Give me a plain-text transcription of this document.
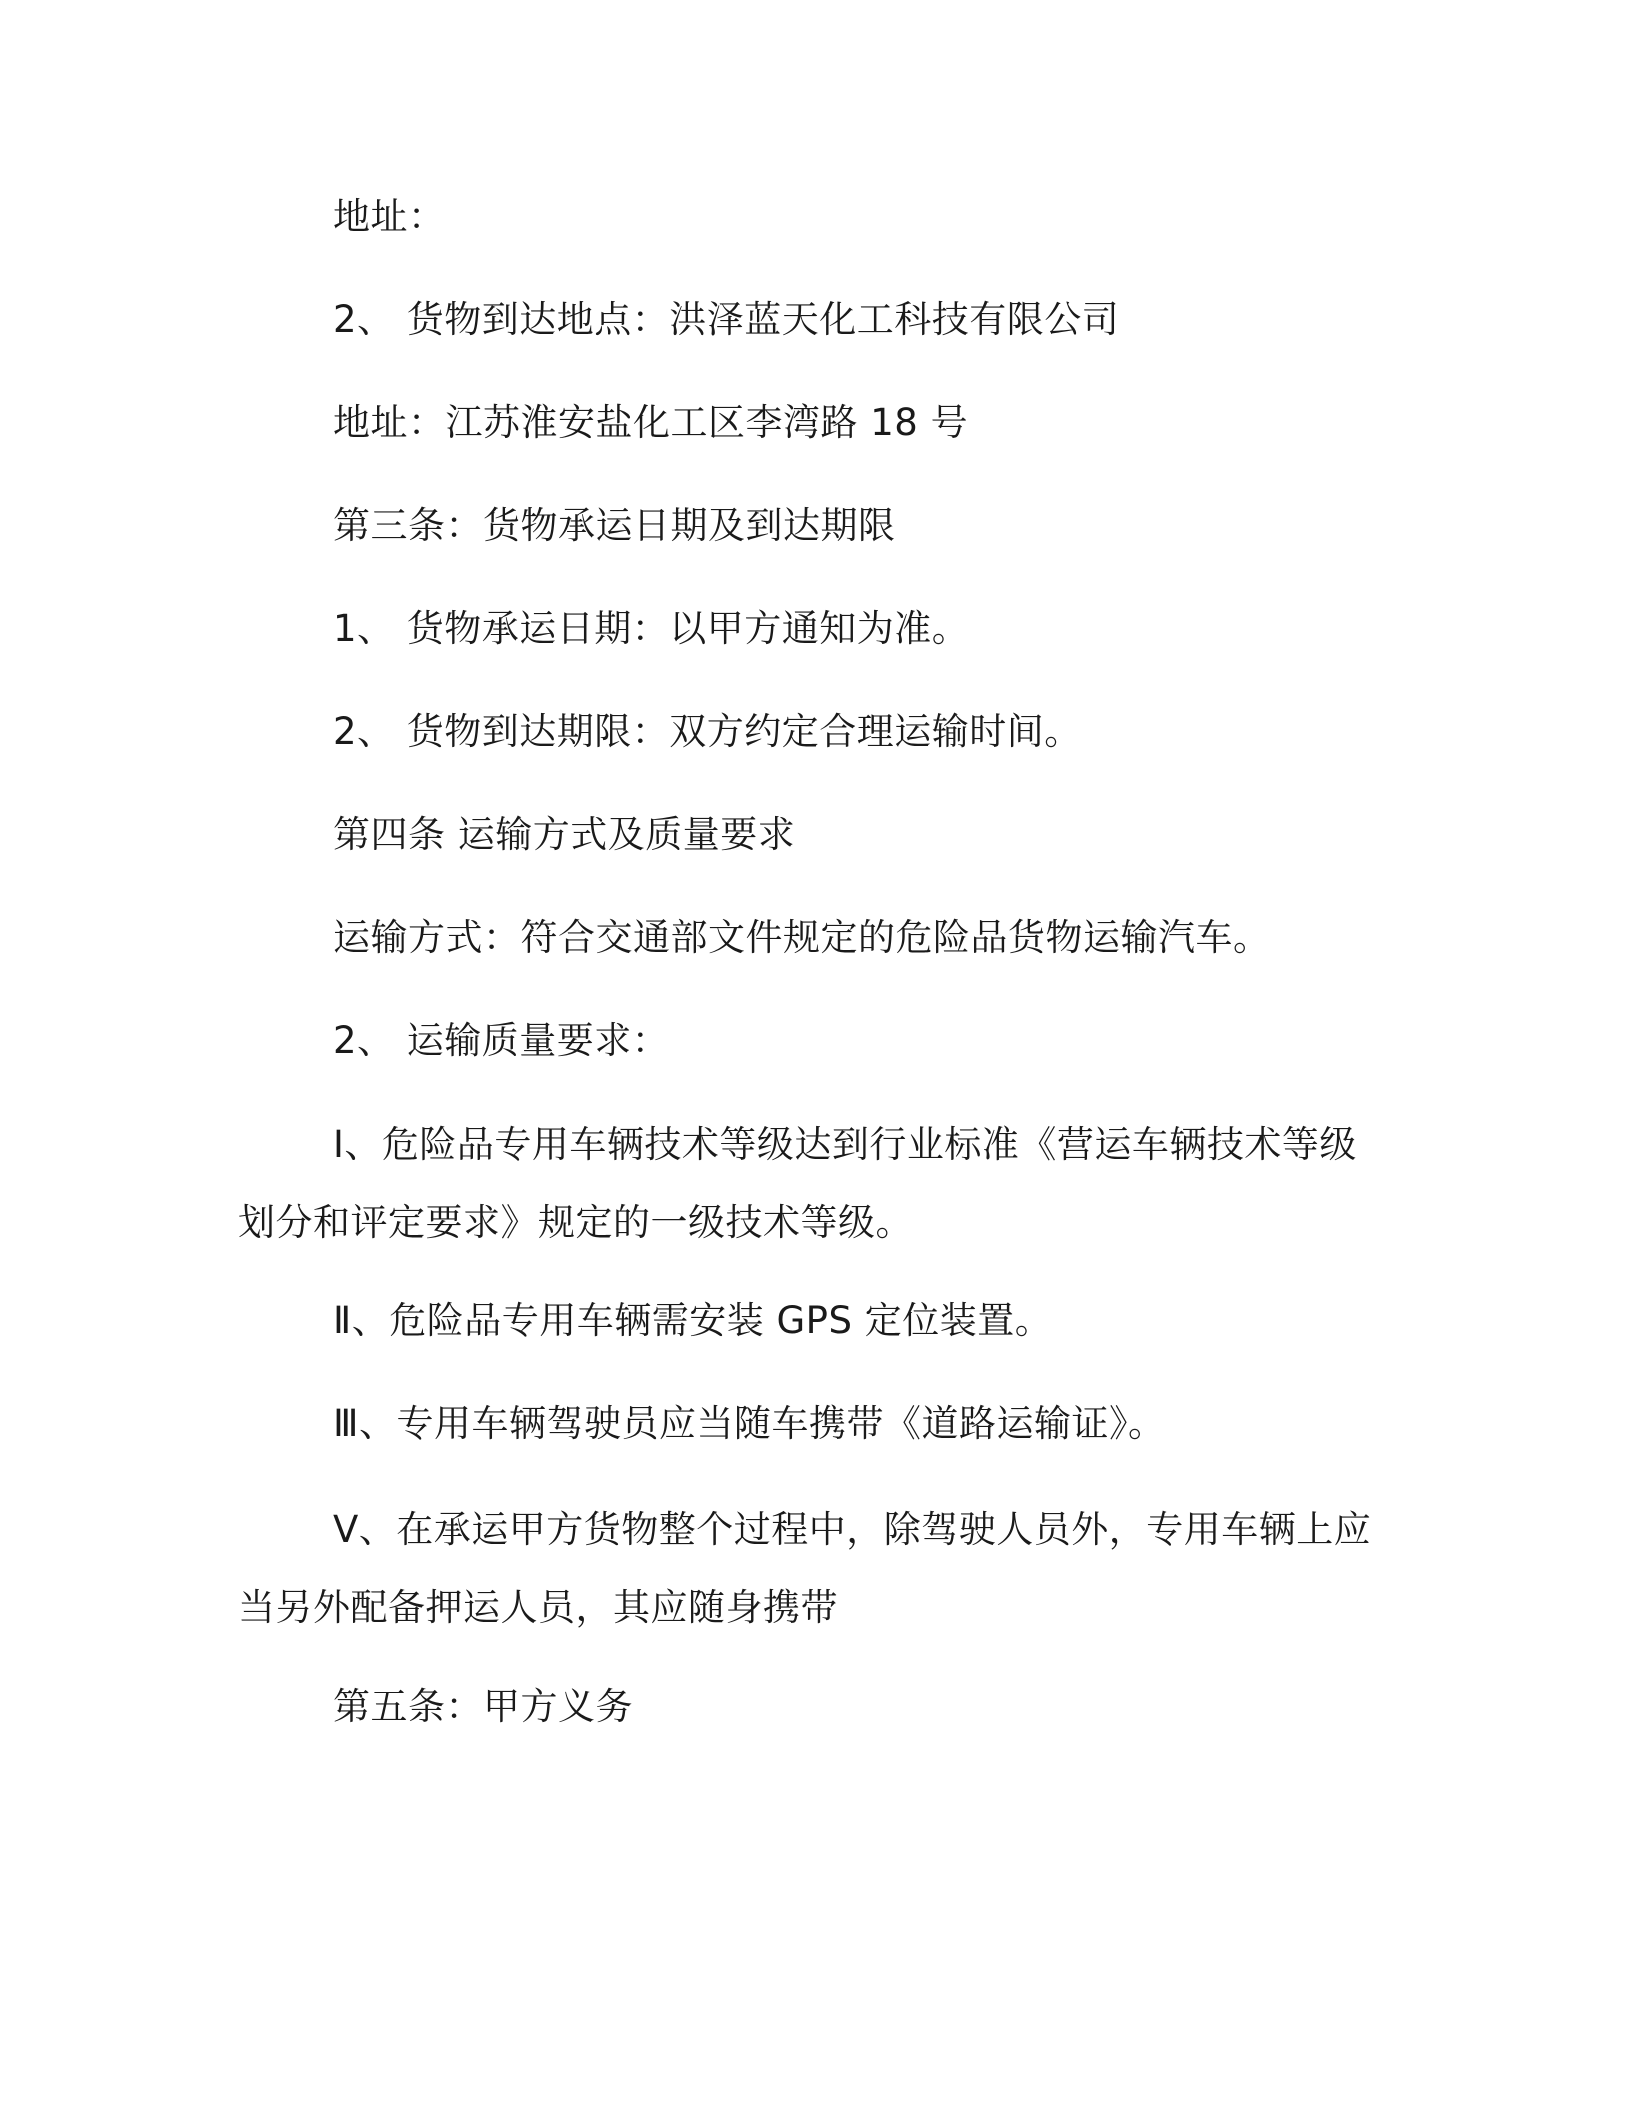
地址：
2、 货物到达地点：洪泽蓝天化工科技有限公司
地址：江苏淮安盐化工区李湾路 18 号
第三条：货物承运日期及到达期限
1、 货物承运日期：以甲方通知为准。
2、 货物到达期限：双方约定合理运输时间。
第四条 运输方式及质量要求
运输方式：符合交通部文件规定的危险品货物运输汽车。
2、 运输质量要求：
Ⅰ、危险品专用车辆技术等级达到行业标准《营运车辆技术等级划分和评定要求》规定的一级技术等级。
Ⅱ、危险品专用车辆需安装 GPS 定位装置。
Ⅲ、专用车辆驾驶员应当随车携带《道路运输证》。
Ⅴ、在承运甲方货物整个过程中，除驾驶人员外，专用车辆上应当另外配备押运人员，其应随身携带
第五条：甲方义务
